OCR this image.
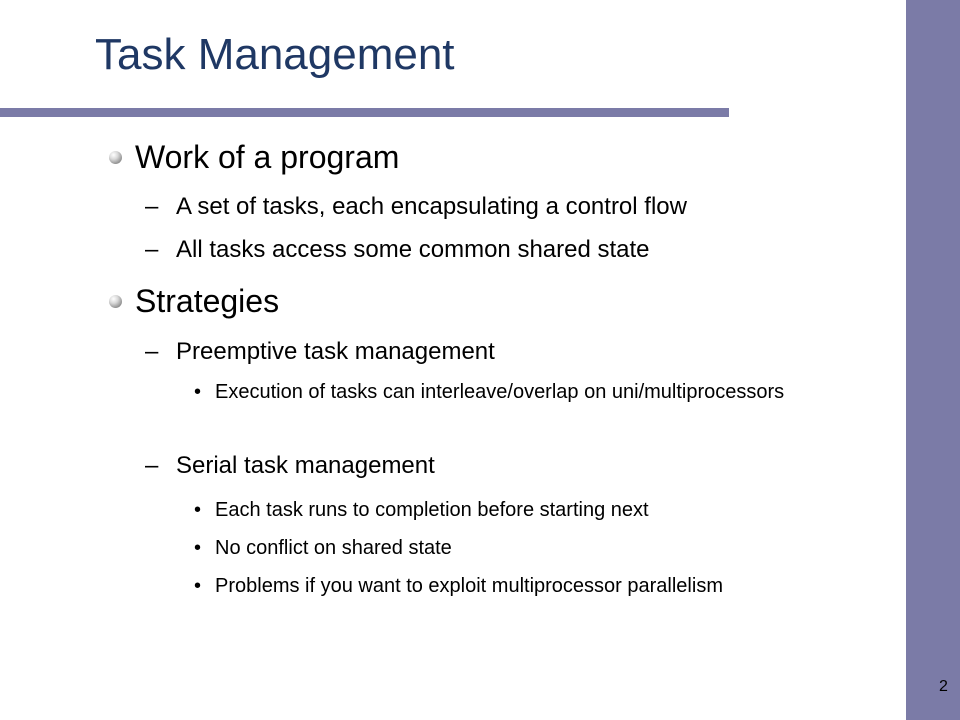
Task Management
Work of a program
– A set of tasks, each encapsulating a control flow
– All tasks access some common shared state
Strategies
– Preemptive task management
• Execution of tasks can interleave/overlap on uni/multiprocessors
– Serial task management
• Each task runs to completion before starting next
• No conflict on shared state
• Problems if you want to exploit multiprocessor parallelism
2
